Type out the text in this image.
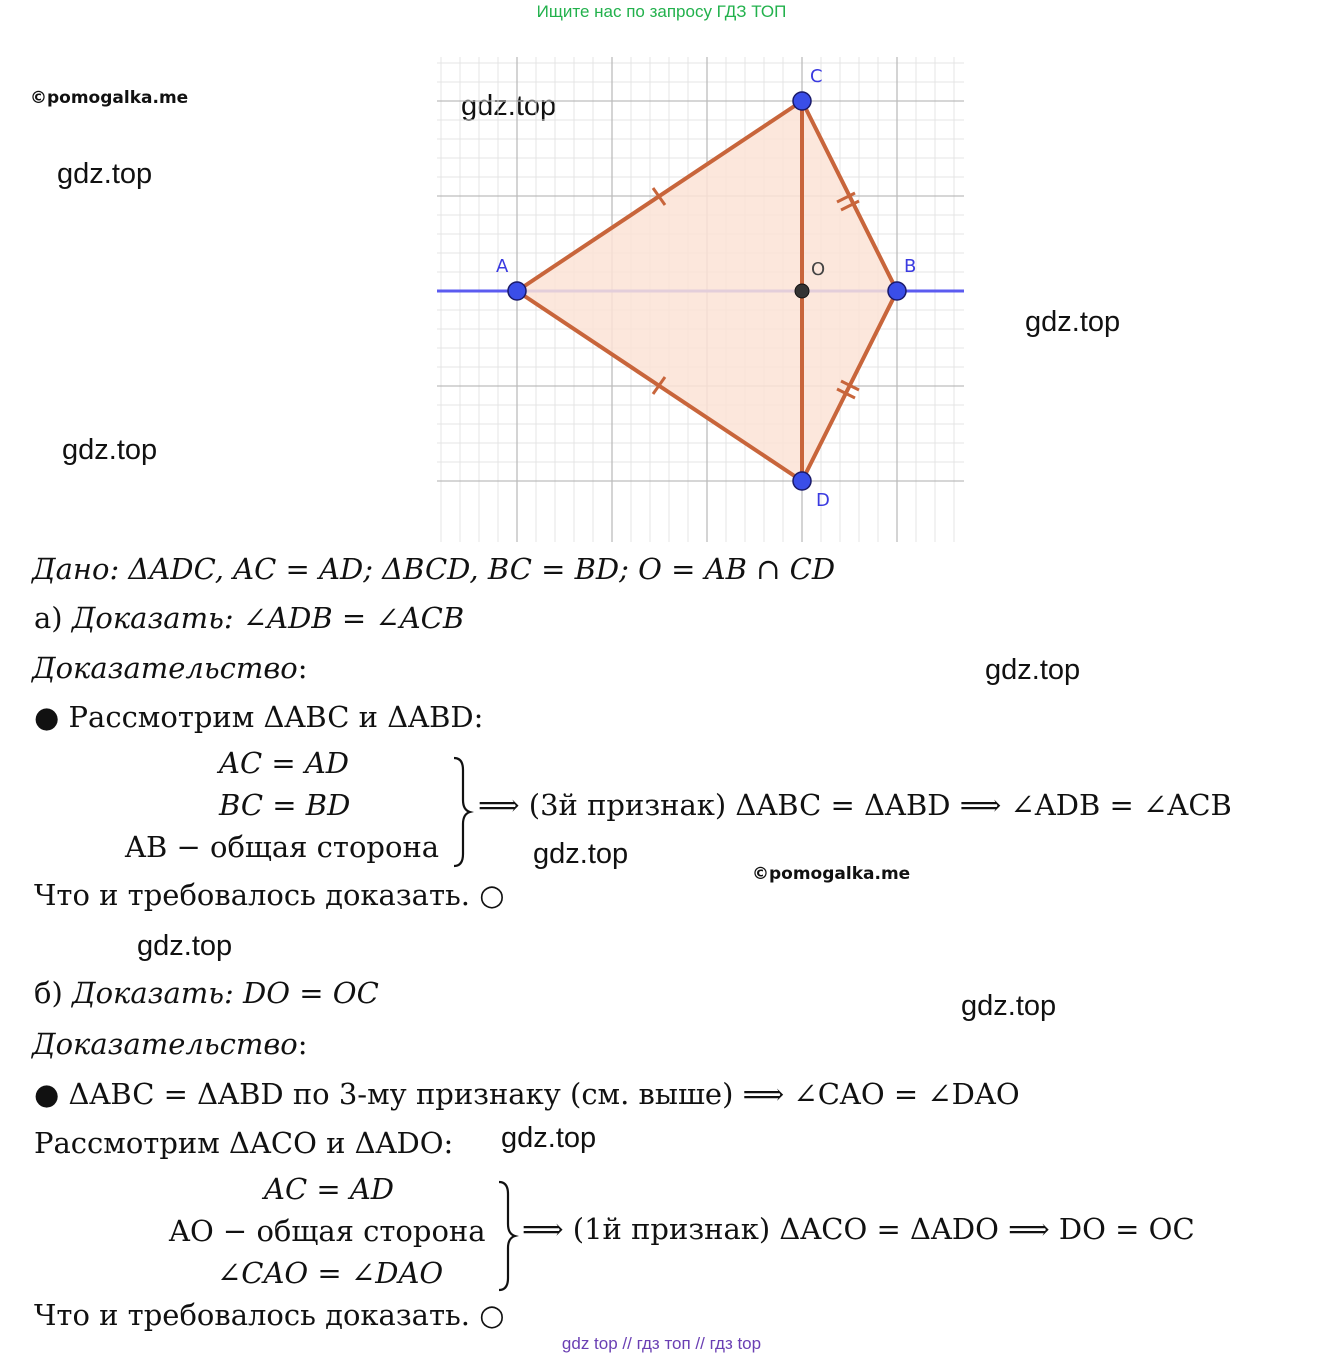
Ищите нас по запросу ГДЗ ТОП
©pomogalka.me
©pomogalka.me
gdz.top
gdz.top
gdz.top
gdz.top
gdz.top
gdz.top
gdz.top
gdz.top
gdz.top
A	B
C
D
O
Дано: ΔADC, AC = AD; ΔBCD, BC = BD; O = AB ∩ CD
а) Доказать: ∠ADB = ∠ACB
Доказательство:
● Рассмотрим ΔABC и ΔABD:
AC = AD
BC = BD
AB − общая сторона
⟹ (3й признак) ΔABC = ΔABD ⟹ ∠ADB = ∠ACB
Что и требовалось доказать. ○
б) Доказать: DO = OC
Доказательство:
● ΔABC = ΔABD по 3-му признаку (см. выше) ⟹ ∠CAO = ∠DAO
Рассмотрим ΔACO и ΔADO:
AC = AD
AO − общая сторона
∠CAO = ∠DAO
⟹ (1й признак) ΔACO = ΔADO ⟹ DO = OC
Что и требовалось доказать. ○
gdz top // гдз топ // гдз top
